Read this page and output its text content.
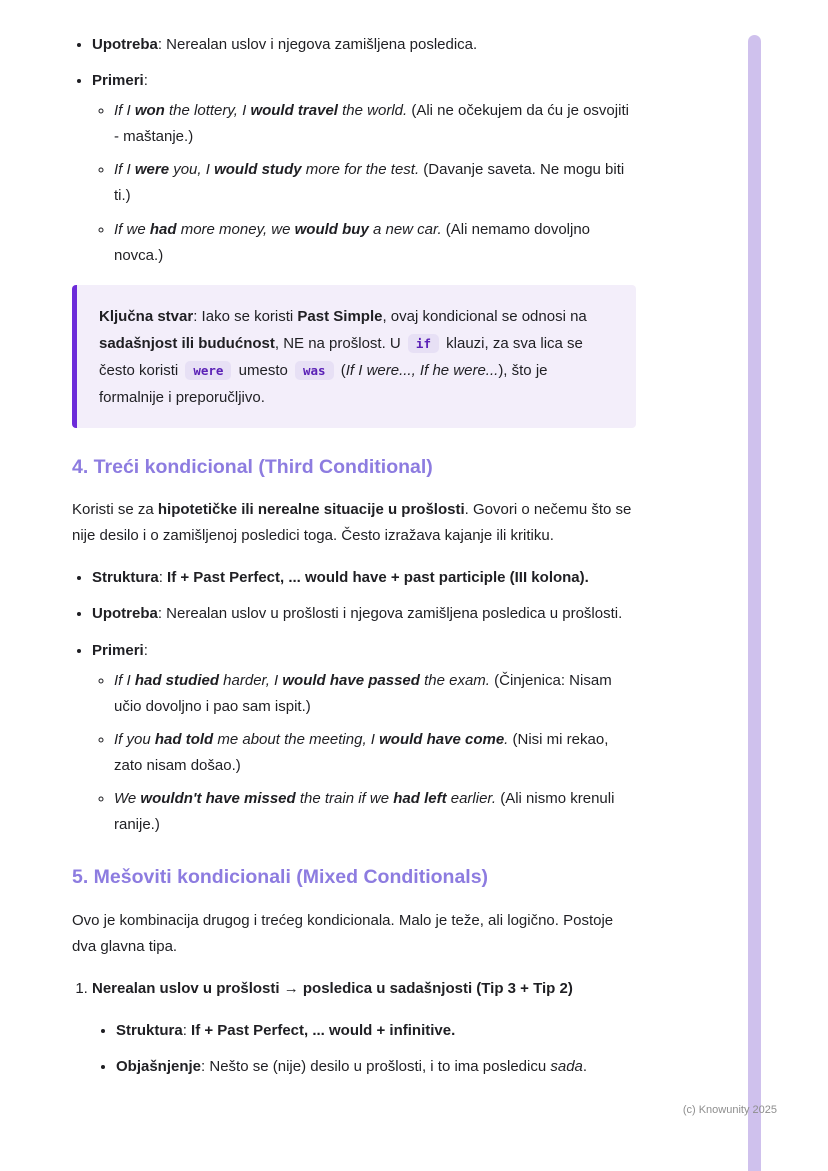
• Upotreba: Nerealan uslov i njegova zamišljena posledica.
• Primeri:
◦ If I won the lottery, I would travel the world. (Ali ne očekujem da ću je osvojiti - maštanje.)
◦ If I were you, I would study more for the test. (Davanje saveta. Ne mogu biti ti.)
◦ If we had more money, we would buy a new car. (Ali nemamo dovoljno novca.)

Ključna stvar: Iako se koristi Past Simple, ovaj kondicional se odnosi na sadašnjost ili budućnost, NE na prošlost. U if klauzi, za sva lica se često koristi were umesto was (If I were..., If he were...), što je formalnije i preporučljivo.

4. Treći kondicional (Third Conditional)

Koristi se za hipotetičke ili nerealne situacije u prošlosti. Govori o nečemu što se nije desilo i o zamišljenoj posledici toga. Često izražava kajanje ili kritiku.

• Struktura: If + Past Perfect, ... would have + past participle (III kolona).
• Upotreba: Nerealan uslov u prošlosti i njegova zamišljena posledica u prošlosti.
• Primeri:
◦ If I had studied harder, I would have passed the exam. (Činjenica: Nisam učio dovoljno i pao sam ispit.)
◦ If you had told me about the meeting, I would have come. (Nisi mi rekao, zato nisam došao.)
◦ We wouldn't have missed the train if we had left earlier. (Ali nismo krenuli ranije.)
5. Mešoviti kondicionali (Mixed Conditionals)

Ovo je kombinacija drugog i trećeg kondicionala. Malo je teže, ali logično. Postoje dva glavna tipa.

1. Nerealan uslov u prošlosti → posledica u sadašnjosti (Tip 3 + Tip 2)
• Struktura: If + Past Perfect, ... would + infinitive.
• Objašnjenje: Nešto se (nije) desilo u prošlosti, i to ima posledicu sada.
(c) Knowunity 2025
